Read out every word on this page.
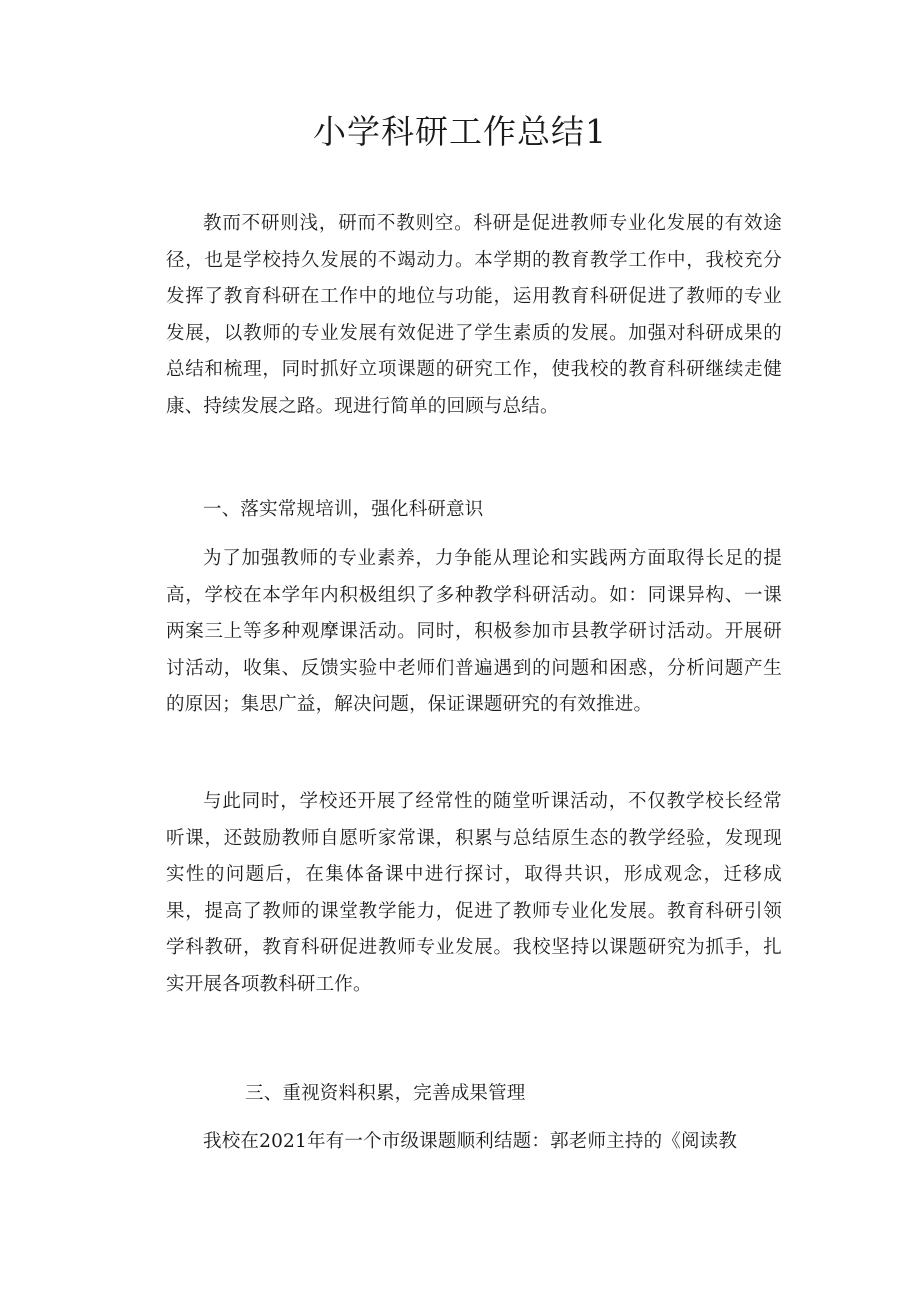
小学科研工作总结1

教而不研则浅，研而不教则空。科研是促进教师专业化发展的有效途径，也是学校持久发展的不竭动力。本学期的教育教学工作中，我校充分发挥了教育科研在工作中的地位与功能，运用教育科研促进了教师的专业发展，以教师的专业发展有效促进了学生素质的发展。加强对科研成果的总结和梳理，同时抓好立项课题的研究工作，使我校的教育科研继续走健康、持续发展之路。现进行简单的回顾与总结。

一、落实常规培训，强化科研意识

为了加强教师的专业素养，力争能从理论和实践两方面取得长足的提高，学校在本学年内积极组织了多种教学科研活动。如：同课异构、一课两案三上等多种观摩课活动。同时，积极参加市县教学研讨活动。开展研讨活动，收集、反馈实验中老师们普遍遇到的问题和困惑，分析问题产生的原因；集思广益，解决问题，保证课题研究的有效推进。

与此同时，学校还开展了经常性的随堂听课活动，不仅教学校长经常听课，还鼓励教师自愿听家常课，积累与总结原生态的教学经验，发现现实性的问题后，在集体备课中进行探讨，取得共识，形成观念，迁移成果，提高了教师的课堂教学能力，促进了教师专业化发展。教育科研引领学科教研，教育科研促进教师专业发展。我校坚持以课题研究为抓手，扎实开展各项教科研工作。

三、重视资料积累，完善成果管理

我校在2021年有一个市级课题顺利结题：郭老师主持的《阅读教
